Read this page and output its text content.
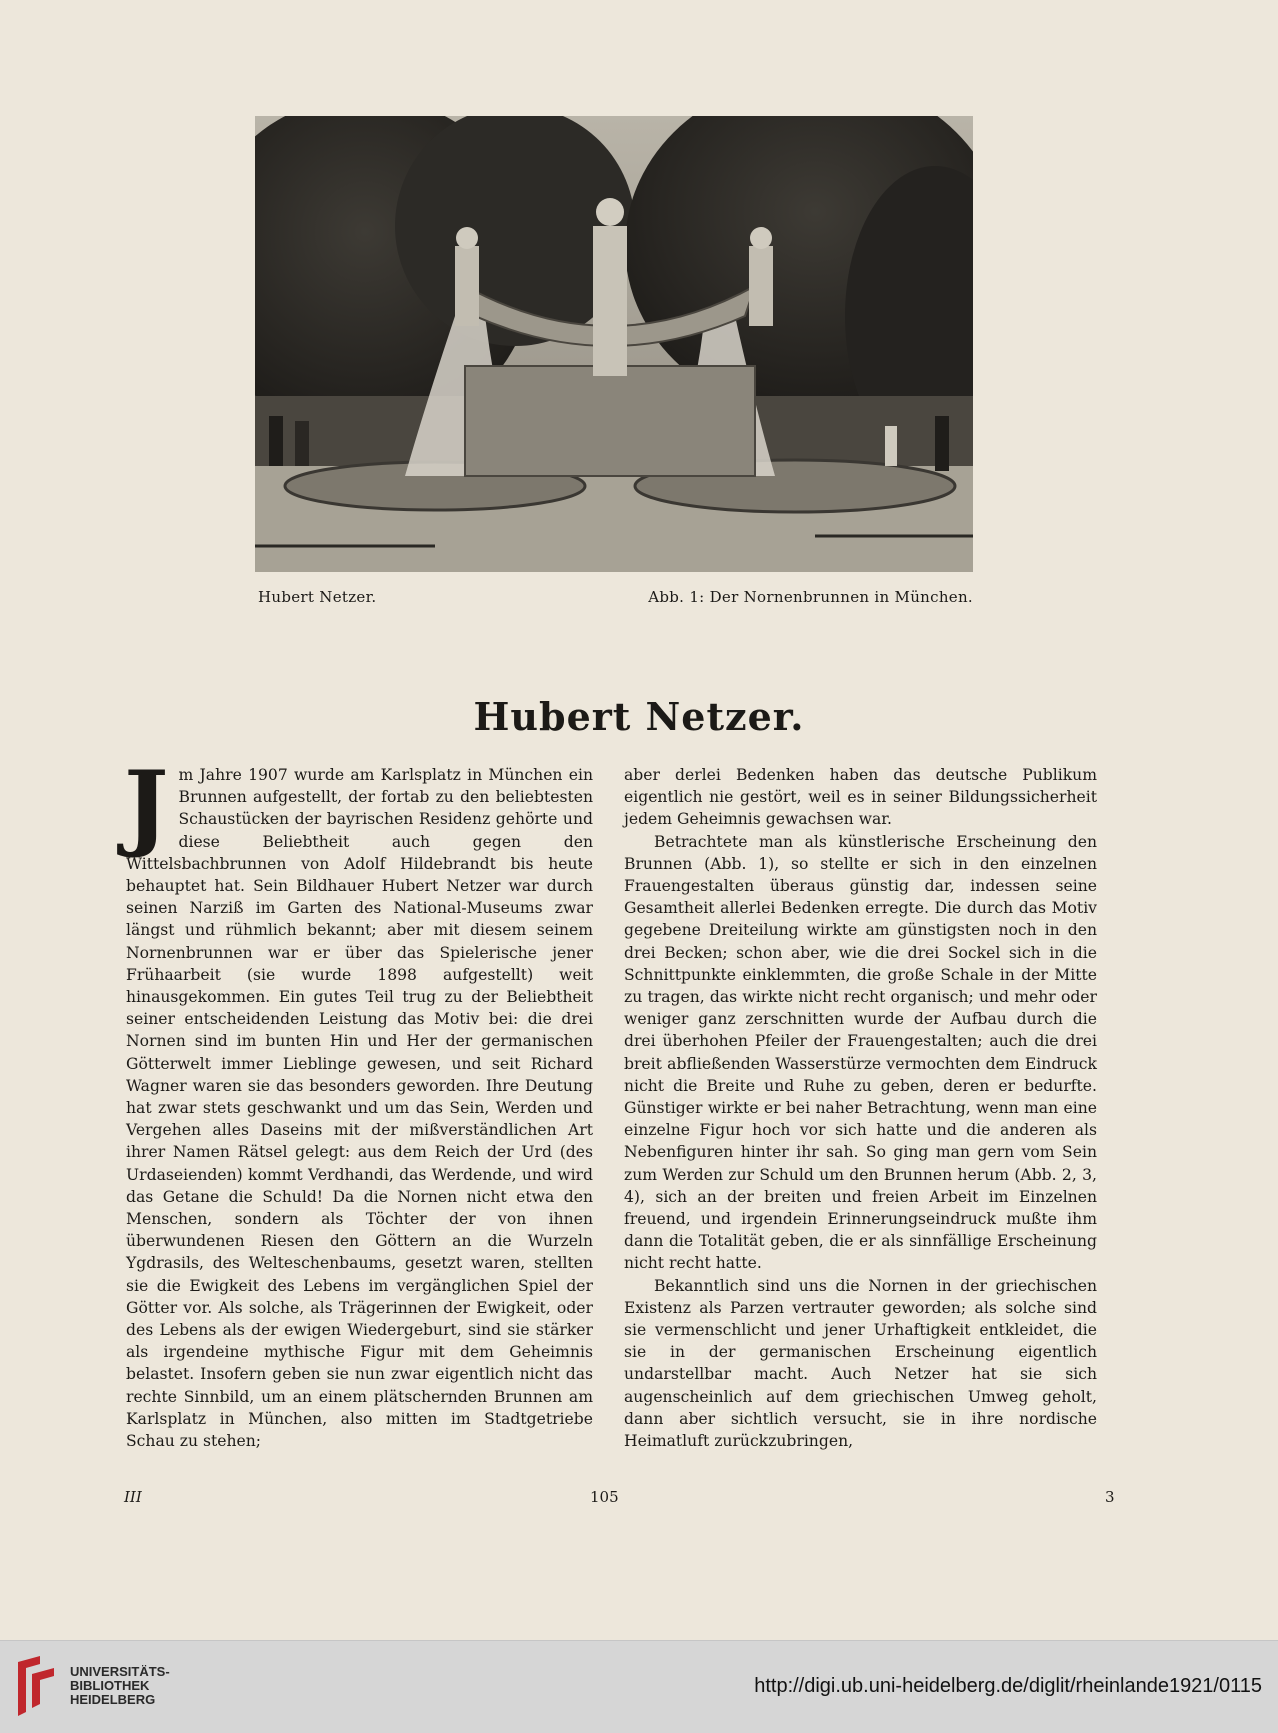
Hubert Netzer.	Abb. 1: Der Nornenbrunnen in München.
Hubert Netzer.
J m Jahre 1907 wurde am Karlsplatz in München ein Brunnen aufgestellt, der fortab zu den beliebtesten Schaustücken der bayrischen Residenz gehörte und diese Beliebtheit auch gegen den Wittelsbachbrunnen von Adolf Hildebrandt bis heute behauptet hat. Sein Bildhauer Hubert Netzer war durch seinen Narziß im Garten des National-Museums zwar längst und rühmlich bekannt; aber mit diesem seinem Nornenbrunnen war er über das Spielerische jener Frühaarbeit (sie wurde 1898 aufgestellt) weit hinausgekommen. Ein gutes Teil trug zu der Beliebtheit seiner entscheidenden Leistung das Motiv bei: die drei Nornen sind im bunten Hin und Her der germanischen Götterwelt immer Lieblinge gewesen, und seit Richard Wagner waren sie das besonders geworden. Ihre Deutung hat zwar stets geschwankt und um das Sein, Werden und Vergehen alles Daseins mit der mißverständlichen Art ihrer Namen Rätsel gelegt: aus dem Reich der Urd (des Urdaseienden) kommt Verdhandi, das Werdende, und wird das Getane die Schuld! Da die Nornen nicht etwa den Menschen, sondern als Töchter der von ihnen überwundenen Riesen den Göttern an die Wurzeln Ygdrasils, des Welteschenbaums, gesetzt waren, stellten sie die Ewigkeit des Lebens im vergänglichen Spiel der Götter vor. Als solche, als Trägerinnen der Ewigkeit, oder des Lebens als der ewigen Wiedergeburt, sind sie stärker als irgendeine mythische Figur mit dem Geheimnis belastet. Insofern geben sie nun zwar eigentlich nicht das rechte Sinnbild, um an einem plätschernden Brunnen am Karlsplatz in München, also mitten im Stadtgetriebe Schau zu stehen;

aber derlei Bedenken haben das deutsche Publikum eigentlich nie gestört, weil es in seiner Bildungssicherheit jedem Geheimnis gewachsen war.

Betrachtete man als künstlerische Erscheinung den Brunnen (Abb. 1), so stellte er sich in den einzelnen Frauengestalten überaus günstig dar, indessen seine Gesamtheit allerlei Bedenken erregte. Die durch das Motiv gegebene Dreiteilung wirkte am günstigsten noch in den drei Becken; schon aber, wie die drei Sockel sich in die Schnittpunkte einklemmten, die große Schale in der Mitte zu tragen, das wirkte nicht recht organisch; und mehr oder weniger ganz zerschnitten wurde der Aufbau durch die drei überhohen Pfeiler der Frauengestalten; auch die drei breit abfließenden Wasserstürze vermochten dem Eindruck nicht die Breite und Ruhe zu geben, deren er bedurfte. Günstiger wirkte er bei naher Betrachtung, wenn man eine einzelne Figur hoch vor sich hatte und die anderen als Nebenfiguren hinter ihr sah. So ging man gern vom Sein zum Werden zur Schuld um den Brunnen herum (Abb. 2, 3, 4), sich an der breiten und freien Arbeit im Einzelnen freuend, und irgendein Erinnerungseindruck mußte ihm dann die Totalität geben, die er als sinnfällige Erscheinung nicht recht hatte.

Bekanntlich sind uns die Nornen in der griechischen Existenz als Parzen vertrauter geworden; als solche sind sie vermenschlicht und jener Urhaftigkeit entkleidet, die sie in der germanischen Erscheinung eigentlich undarstellbar macht. Auch Netzer hat sie sich augenscheinlich auf dem griechischen Umweg geholt, dann aber sichtlich versucht, sie in ihre nordische Heimatluft zurückzubringen,

III	105	3
UNIVERSITÄTS-
BIBLIOTHEK
HEIDELBERG
http://digi.ub.uni-heidelberg.de/diglit/rheinlande1921/0115
